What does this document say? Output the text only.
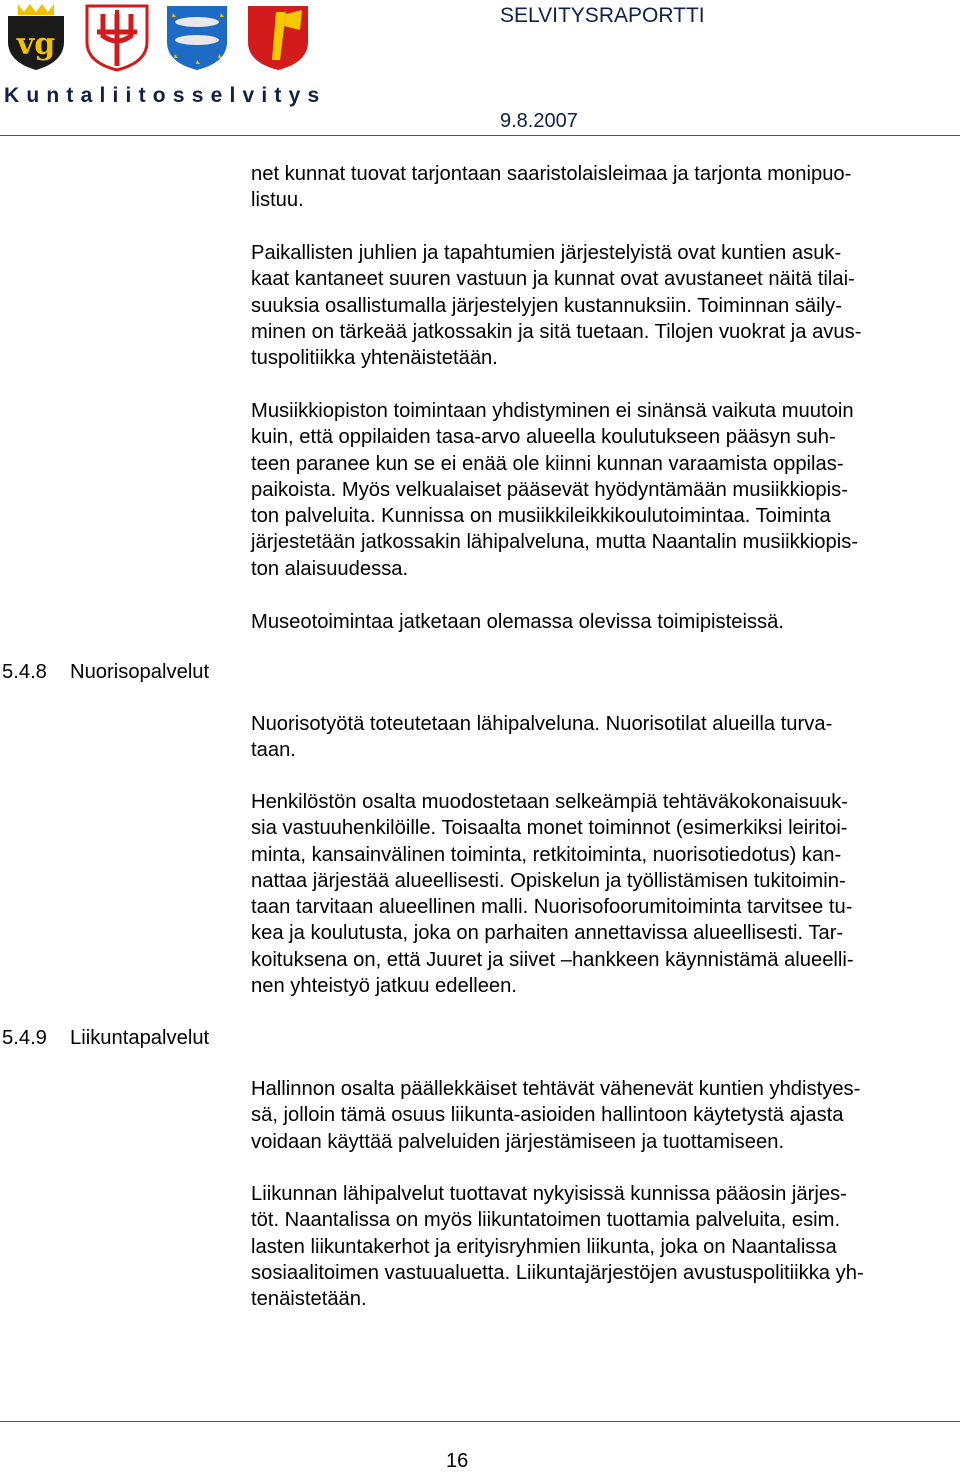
vg
Kuntaliitosselvitys
SELVITYSRAPORTTI
9.8.2007
net kunnat tuovat tarjontaan saaristolaisleimaa ja tarjonta monipuo-
listuu.
Paikallisten juhlien ja tapahtumien järjestelyistä ovat kuntien asuk-
kaat kantaneet suuren vastuun ja kunnat ovat avustaneet näitä tilai-
suuksia osallistumalla järjestelyjen kustannuksiin. Toiminnan säily-
minen on tärkeää jatkossakin ja sitä tuetaan. Tilojen vuokrat ja avus-
tuspolitiikka yhtenäistetään.
Musiikkiopiston toimintaan yhdistyminen ei sinänsä vaikuta muutoin
kuin, että oppilaiden tasa-arvo alueella koulutukseen pääsyn suh-
teen paranee kun se ei enää ole kiinni kunnan varaamista oppilas-
paikoista. Myös velkualaiset pääsevät hyödyntämään musiikkiopis-
ton palveluita. Kunnissa on musiikkileikkikoulutoimintaa. Toiminta
järjestetään jatkossakin lähipalveluna, mutta Naantalin musiikkiopis-
ton alaisuudessa.
Museotoimintaa jatketaan olemassa olevissa toimipisteissä.
5.4.8 Nuorisopalvelut
Nuorisotyötä toteutetaan lähipalveluna. Nuorisotilat alueilla turva-
taan.
Henkilöstön osalta muodostetaan selkeämpiä tehtäväkokonaisuuk-
sia vastuuhenkilöille. Toisaalta monet toiminnot (esimerkiksi leiritoi-
minta, kansainvälinen toiminta, retkitoiminta, nuorisotiedotus) kan-
nattaa järjestää alueellisesti. Opiskelun ja työllistämisen tukitoimin-
taan tarvitaan alueellinen malli. Nuorisofoorumitoiminta tarvitsee tu-
kea ja koulutusta, joka on parhaiten annettavissa alueellisesti. Tar-
koituksena on, että Juuret ja siivet –hankkeen käynnistämä alueelli-
nen yhteistyö jatkuu edelleen.
5.4.9 Liikuntapalvelut
Hallinnon osalta päällekkäiset tehtävät vähenevät kuntien yhdistyes-
sä, jolloin tämä osuus liikunta-asioiden hallintoon käytetystä ajasta
voidaan käyttää palveluiden järjestämiseen ja tuottamiseen.
Liikunnan lähipalvelut tuottavat nykyisissä kunnissa pääosin järjes-
töt. Naantalissa on myös liikuntatoimen tuottamia palveluita, esim.
lasten liikuntakerhot ja erityisryhmien liikunta, joka on Naantalissa
sosiaalitoimen vastuualuetta. Liikuntajärjestöjen avustuspolitiikka yh-
tenäistetään.
16
